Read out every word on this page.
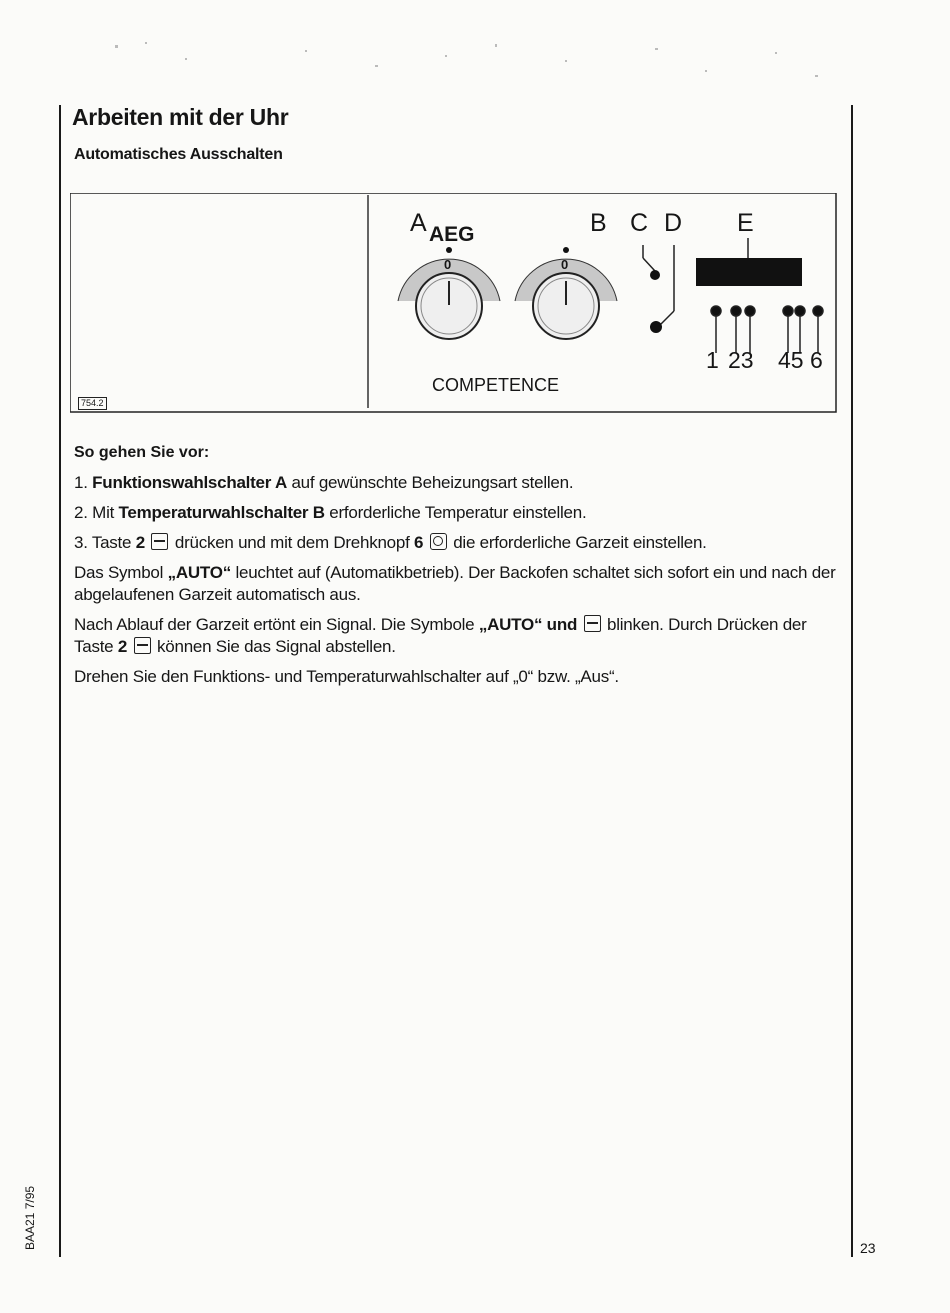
Arbeiten mit der Uhr
Automatisches Ausschalten
A AEG	B C D E
1 23 45 6
0	0
COMPETENCE
754.2
So gehen Sie vor:
1. Funktionswahlschalter A auf gewünschte Beheizungsart stellen.
2. Mit Temperaturwahlschalter B erforderliche Temperatur einstellen.
3. Taste 2  drücken und mit dem Drehknopf 6  die erforderliche Garzeit einstellen.
Das Symbol „AUTO“ leuchtet auf (Automatikbetrieb). Der Backofen schaltet sich sofort ein und nach der abgelaufenen Garzeit automatisch aus.
Nach Ablauf der Garzeit ertönt ein Signal. Die Symbole „AUTO“ und  blinken. Durch Drücken der Taste 2  können Sie das Signal abstellen.
Drehen Sie den Funktions- und Temperaturwahlschalter auf „0“ bzw. „Aus“.
23
BAA21 7/95
